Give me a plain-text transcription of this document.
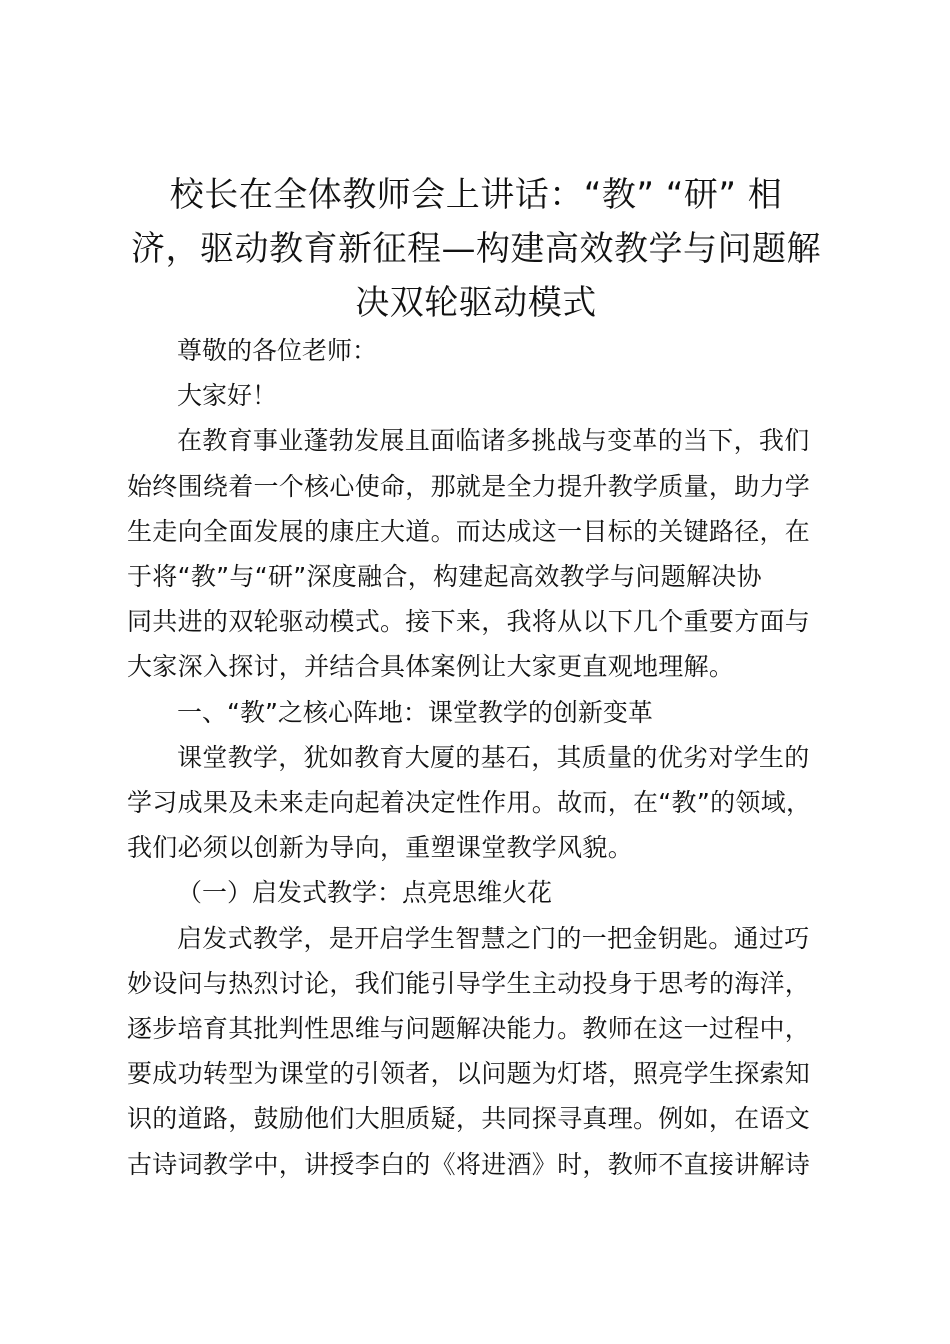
校长在全体教师会上讲话：“教” “研” 相
济，驱动教育新征程—构建高效教学与问题解
决双轮驱动模式

尊敬的各位老师：

大家好！

在教育事业蓬勃发展且面临诸多挑战与变革的当下，我们
始终围绕着一个核心使命，那就是全力提升教学质量，助力学
生走向全面发展的康庄大道。而达成这一目标的关键路径，在
于将“教”与“研”深度融合，构建起高效教学与问题解决协
同共进的双轮驱动模式。接下来，我将从以下几个重要方面与
大家深入探讨，并结合具体案例让大家更直观地理解。

一、“教”之核心阵地：课堂教学的创新变革

课堂教学，犹如教育大厦的基石，其质量的优劣对学生的
学习成果及未来走向起着决定性作用。故而，在“教”的领域，
我们必须以创新为导向，重塑课堂教学风貌。

（一）启发式教学：点亮思维火花

启发式教学，是开启学生智慧之门的一把金钥匙。通过巧
妙设问与热烈讨论，我们能引导学生主动投身于思考的海洋，
逐步培育其批判性思维与问题解决能力。教师在这一过程中，
要成功转型为课堂的引领者，以问题为灯塔，照亮学生探索知
识的道路，鼓励他们大胆质疑，共同探寻真理。例如，在语文
古诗词教学中，讲授李白的《将进酒》时，教师不直接讲解诗
